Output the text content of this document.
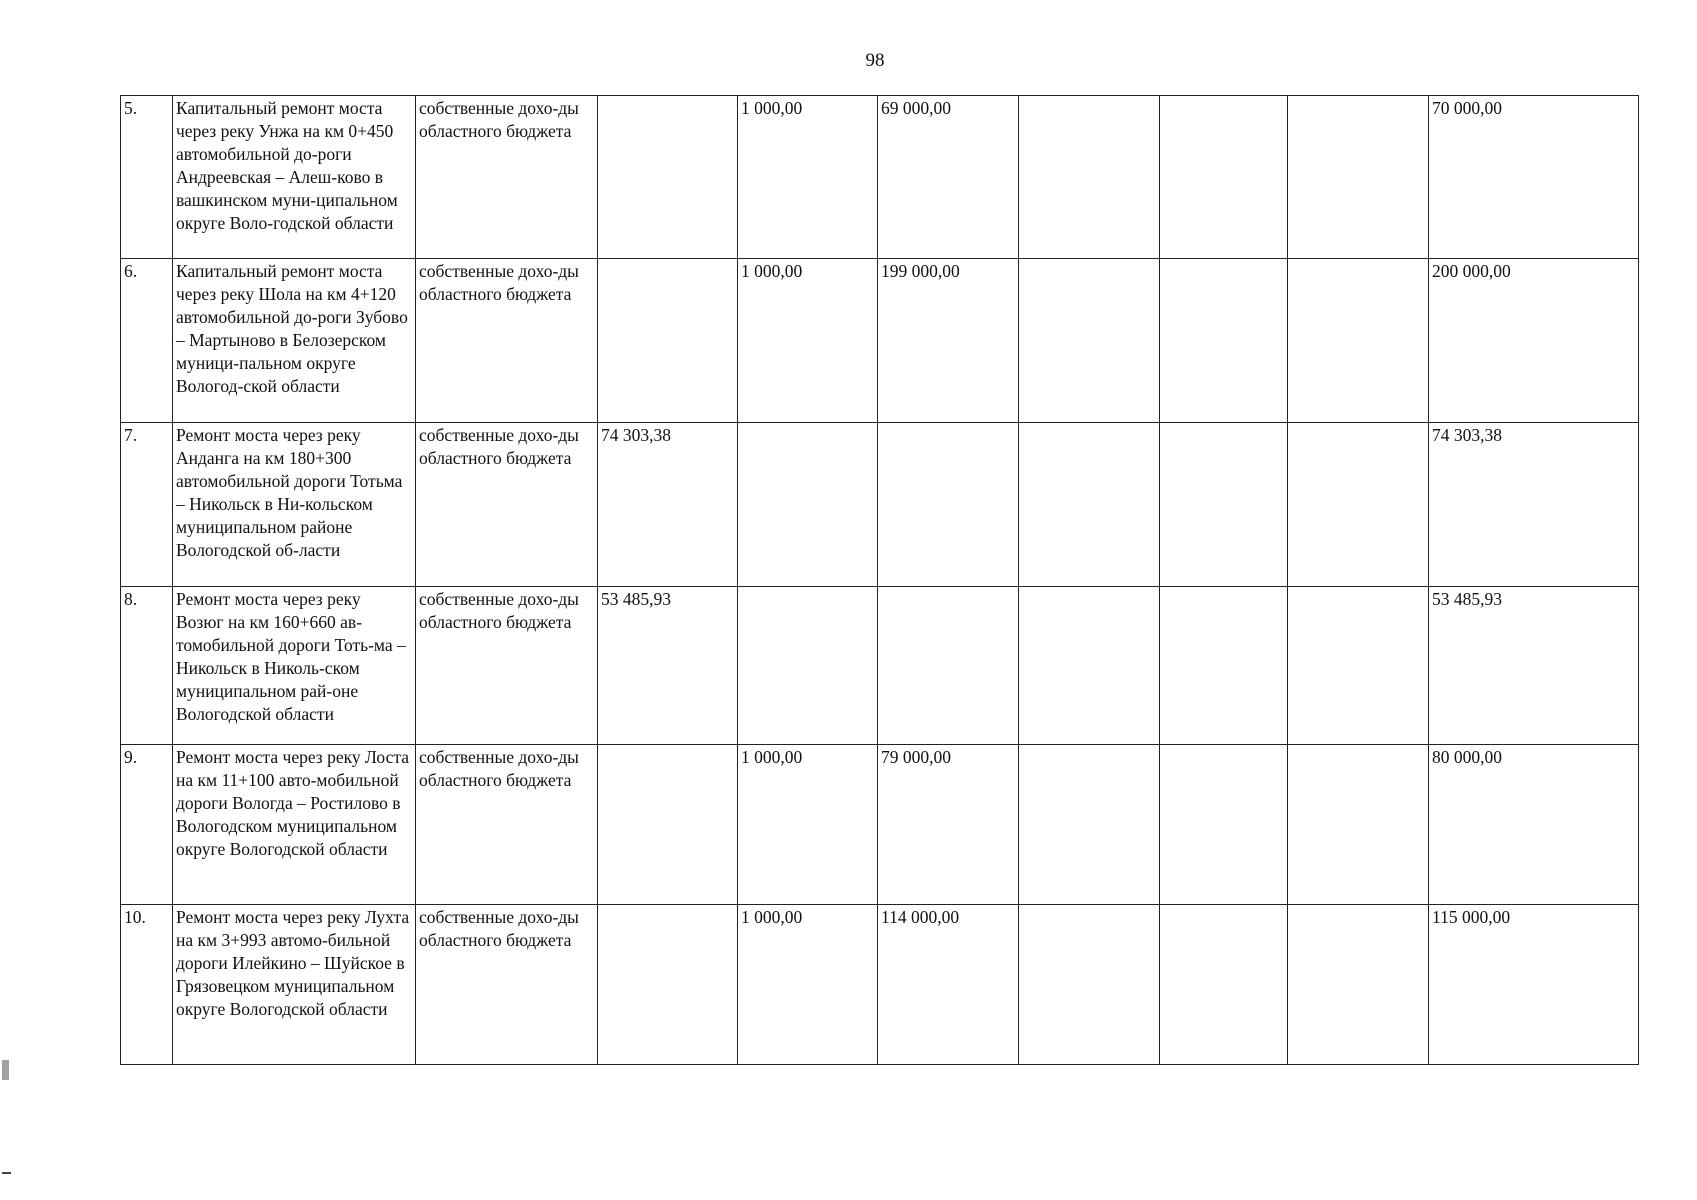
98
5.	Капитальный ремонт моста через реку Унжа на км 0+450 автомобильной до-роги Андреевская – Алеш-ково в вашкинском муни-ципальном округе Воло-годской области	собственные дохо-ды областного бюджета		1 000,00	69 000,00				70 000,00
6.	Капитальный ремонт моста через реку Шола на км 4+120 автомобильной до-роги Зубово – Мартыново в Белозерском муници-пальном округе Вологод-ской области	собственные дохо-ды областного бюджета		1 000,00	199 000,00				200 000,00
7.	Ремонт моста через реку Анданга на км 180+300 автомобильной дороги Тотьма – Никольск в Ни-кольском муниципальном районе Вологодской об-ласти	собственные дохо-ды областного бюджета	74 303,38						74 303,38
8.	Ремонт моста через реку Возюг на км 160+660 ав-томобильной дороги Тоть-ма – Никольск в Николь-ском муниципальном рай-оне Вологодской области	собственные дохо-ды областного бюджета	53 485,93						53 485,93
9.	Ремонт моста через реку Лоста на км 11+100 авто-мобильной дороги Вологда – Ростилово в Вологодском муниципальном округе Вологодской области	собственные дохо-ды областного бюджета		1 000,00	79 000,00				80 000,00
10.	Ремонт моста через реку Лухта на км 3+993 автомо-бильной дороги Илейкино – Шуйское в Грязовецком муниципальном округе Вологодской области	собственные дохо-ды областного бюджета		1 000,00	114 000,00				115 000,00
